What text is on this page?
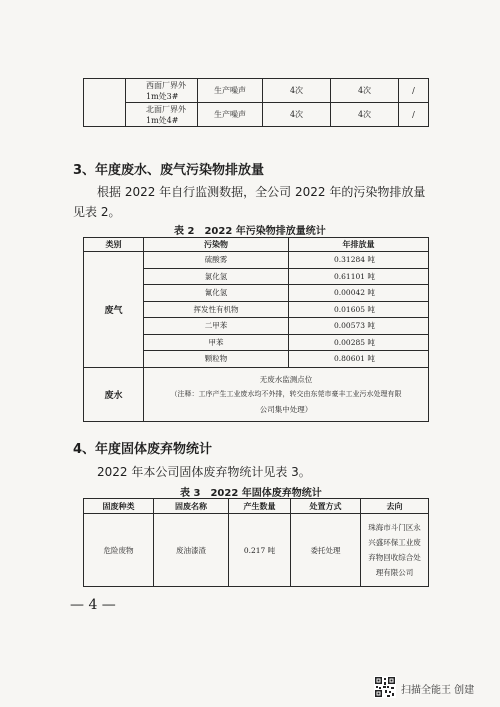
	西面厂界外1m处3#	生产噪声	4次	4次	/
	北面厂界外1m处4#	生产噪声	4次	4次	/
3、年度废水、废气污染物排放量
根据 2022 年自行监测数据，全公司 2022 年的污染物排放量
见表 2。
表 2　2022 年污染物排放量统计
类别	污染物	年排放量
废气	硫酸雾	0.31284 吨
	氯化氢	0.61101 吨
	氰化氢	0.00042 吨
	挥发性有机物	0.01605 吨
	二甲苯	0.00573 吨
	甲苯	0.00285 吨
	颗粒物	0.80601 吨
废水	无废水监测点位
（注释：工序产生工业废水均不外排，转交由东莞市豪丰工业污水处理有限
公司集中处理）	
4、年度固体废弃物统计
2022 年本公司固体废弃物统计见表 3。
表 3　2022 年固体废弃物统计
固废种类	固废名称	产生数量	处置方式	去向
危险废物	废油漆渣	0.217 吨	委托处理	珠海市斗门区永
兴盛环保工业废
弃物回收综合处
理有限公司
— 4 —
扫描全能王 创建
